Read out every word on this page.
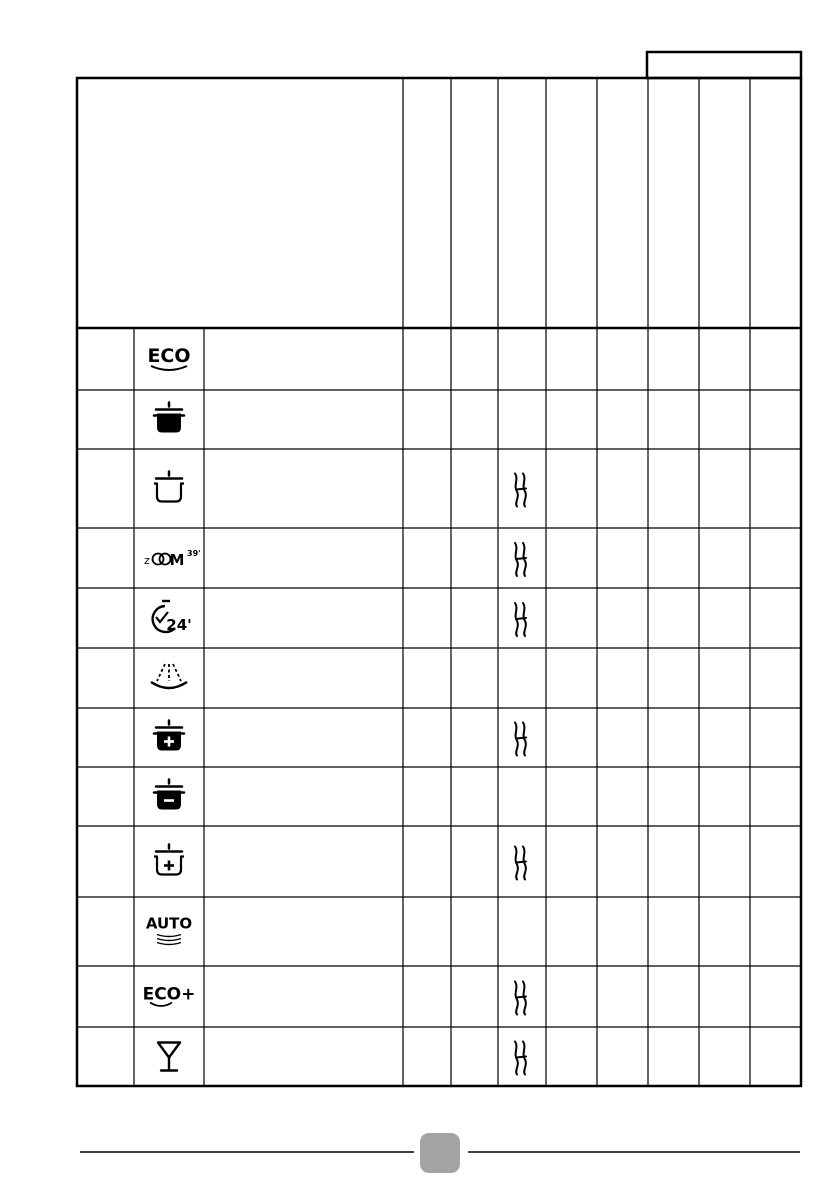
ECO
z M 39'
24'
AUTO
ECO+
